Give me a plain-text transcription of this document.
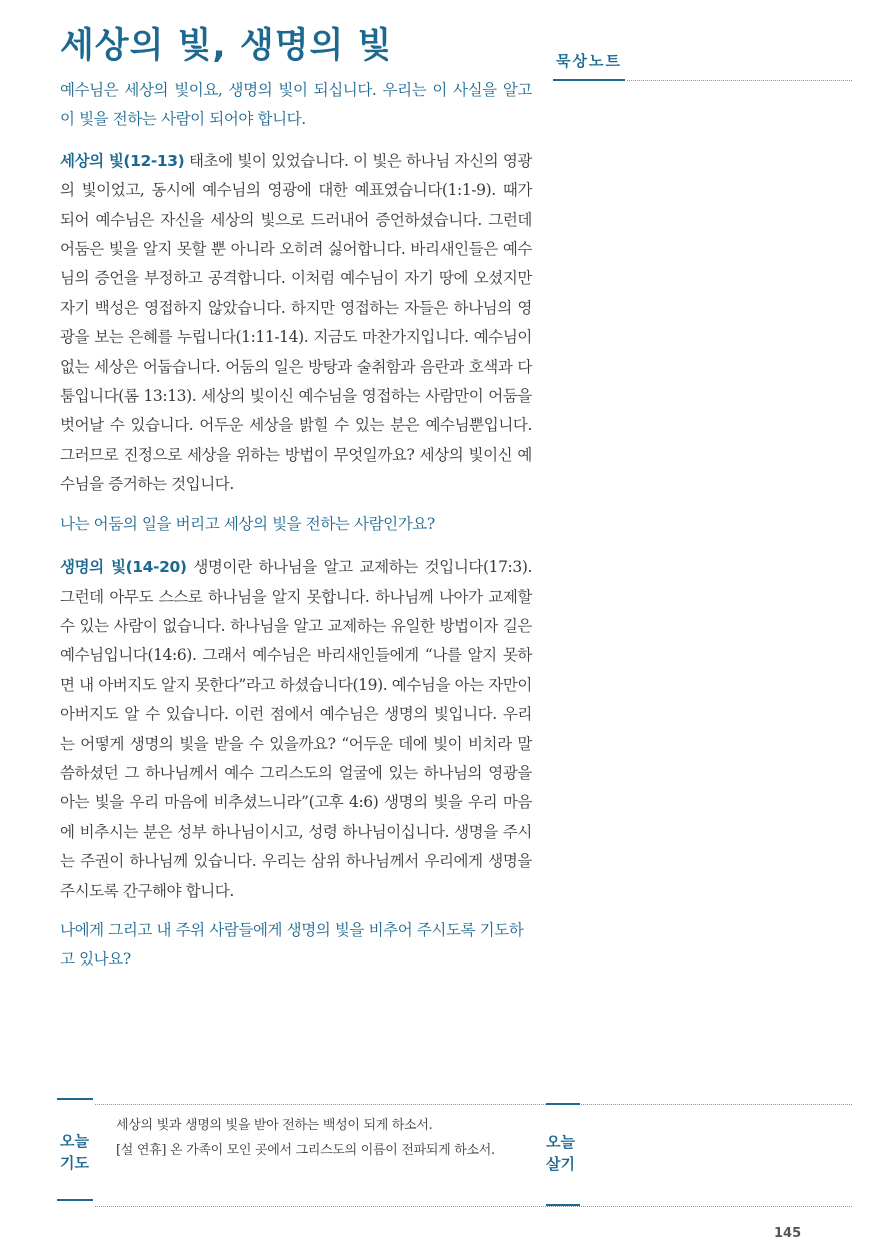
세상의 빛, 생명의 빛	묵상노트

예수님은 세상의 빛이요, 생명의 빛이 되십니다. 우리는 이 사실을 알고 이 빛을 전하는 사람이 되어야 합니다.

세상의 빛(12-13) 태초에 빛이 있었습니다. 이 빛은 하나님 자신의 영광의 빛이었고, 동시에 예수님의 영광에 대한 예표였습니다(1:1-9). 때가 되어 예수님은 자신을 세상의 빛으로 드러내어 증언하셨습니다. 그런데 어둠은 빛을 알지 못할 뿐 아니라 오히려 싫어합니다. 바리새인들은 예수님의 증언을 부정하고 공격합니다. 이처럼 예수님이 자기 땅에 오셨지만 자기 백성은 영접하지 않았습니다. 하지만 영접하는 자들은 하나님의 영광을 보는 은혜를 누립니다(1:11-14). 지금도 마찬가지입니다. 예수님이 없는 세상은 어둡습니다. 어둠의 일은 방탕과 술취함과 음란과 호색과 다툼입니다(롬 13:13). 세상의 빛이신 예수님을 영접하는 사람만이 어둠을 벗어날 수 있습니다. 어두운 세상을 밝힐 수 있는 분은 예수님뿐입니다. 그러므로 진정으로 세상을 위하는 방법이 무엇일까요? 세상의 빛이신 예수님을 증거하는 것입니다.

나는 어둠의 일을 버리고 세상의 빛을 전하는 사람인가요?

생명의 빛(14-20) 생명이란 하나님을 알고 교제하는 것입니다(17:3). 그런데 아무도 스스로 하나님을 알지 못합니다. 하나님께 나아가 교제할 수 있는 사람이 없습니다. 하나님을 알고 교제하는 유일한 방법이자 길은 예수님입니다(14:6). 그래서 예수님은 바리새인들에게 “나를 알지 못하면 내 아버지도 알지 못한다”라고 하셨습니다(19). 예수님을 아는 자만이 아버지도 알 수 있습니다. 이런 점에서 예수님은 생명의 빛입니다. 우리는 어떻게 생명의 빛을 받을 수 있을까요? “어두운 데에 빛이 비치라 말씀하셨던 그 하나님께서 예수 그리스도의 얼굴에 있는 하나님의 영광을 아는 빛을 우리 마음에 비추셨느니라”(고후 4:6) 생명의 빛을 우리 마음에 비추시는 분은 성부 하나님이시고, 성령 하나님이십니다. 생명을 주시는 주권이 하나님께 있습니다. 우리는 삼위 하나님께서 우리에게 생명을 주시도록 간구해야 합니다.

나에게 그리고 내 주위 사람들에게 생명의 빛을 비추어 주시도록 기도하고 있나요?

오늘 기도
세상의 빛과 생명의 빛을 받아 전하는 백성이 되게 하소서.
[설 연휴] 온 가족이 모인 곳에서 그리스도의 이름이 전파되게 하소서.	오늘 살기
145
